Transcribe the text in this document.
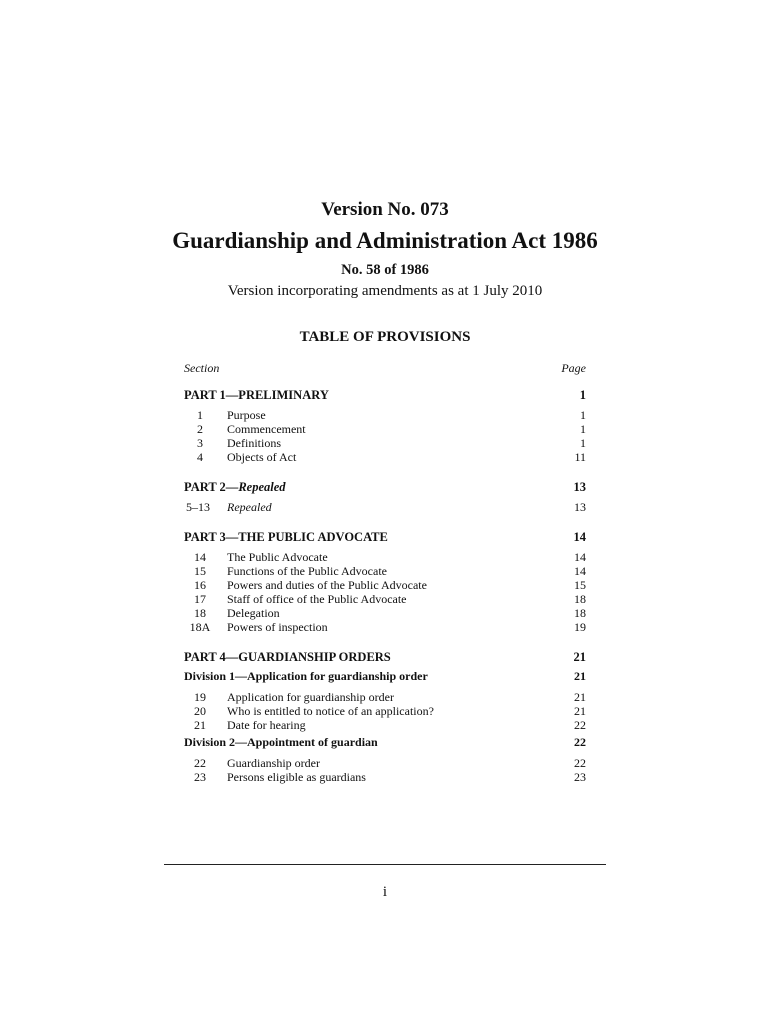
Version No. 073
Guardianship and Administration Act 1986
No. 58 of 1986
Version incorporating amendments as at 1 July 2010
TABLE OF PROVISIONS
Section	Page
PART 1—PRELIMINARY	1
1	Purpose	1
2	Commencement	1
3	Definitions	1
4	Objects of Act	11
PART 2—Repealed	13
5–13	Repealed	13
PART 3—THE PUBLIC ADVOCATE	14
14	The Public Advocate	14
15	Functions of the Public Advocate	14
16	Powers and duties of the Public Advocate	15
17	Staff of office of the Public Advocate	18
18	Delegation	18
18A	Powers of inspection	19
PART 4—GUARDIANSHIP ORDERS	21
Division 1—Application for guardianship order	21
19	Application for guardianship order	21
20	Who is entitled to notice of an application?	21
21	Date for hearing	22
Division 2—Appointment of guardian	22
22	Guardianship order	22
23	Persons eligible as guardians	23
i
